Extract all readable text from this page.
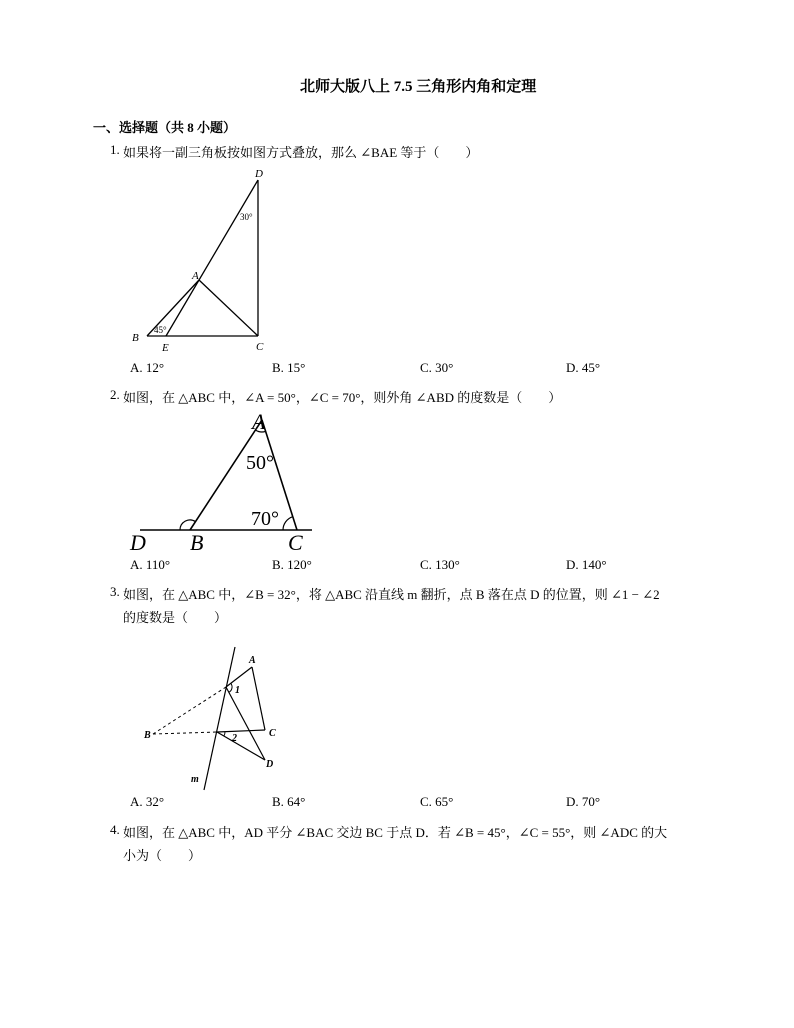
北师大版八上 7.5 三角形内角和定理
一、选择题（共 8 小题）
1. 如果将一副三角板按如图方式叠放，那么 ∠BAE 等于（　　）
D
30°
A
B
45°
E	C
A. 12°	B. 15°	C. 30°	D. 45°
2. 如图，在 △ABC 中，∠A = 50°，∠C = 70°，则外角 ∠ABD 的度数是（　　）
A
50°
70°
D B	C
A. 110°	B. 120°	C. 130°	D. 140°
3. 如图，在 △ABC 中，∠B = 32°，将 △ABC 沿直线 m 翻折，点 B 落在点 D 的位置，则 ∠1 − ∠2
的度数是（　　）
A
1
B	C
2
D
m
A. 32°	B. 64°	C. 65°	D. 70°
4. 如图，在 △ABC 中，AD 平分 ∠BAC 交边 BC 于点 D．若 ∠B = 45°，∠C = 55°，则 ∠ADC 的大
小为（　　）
